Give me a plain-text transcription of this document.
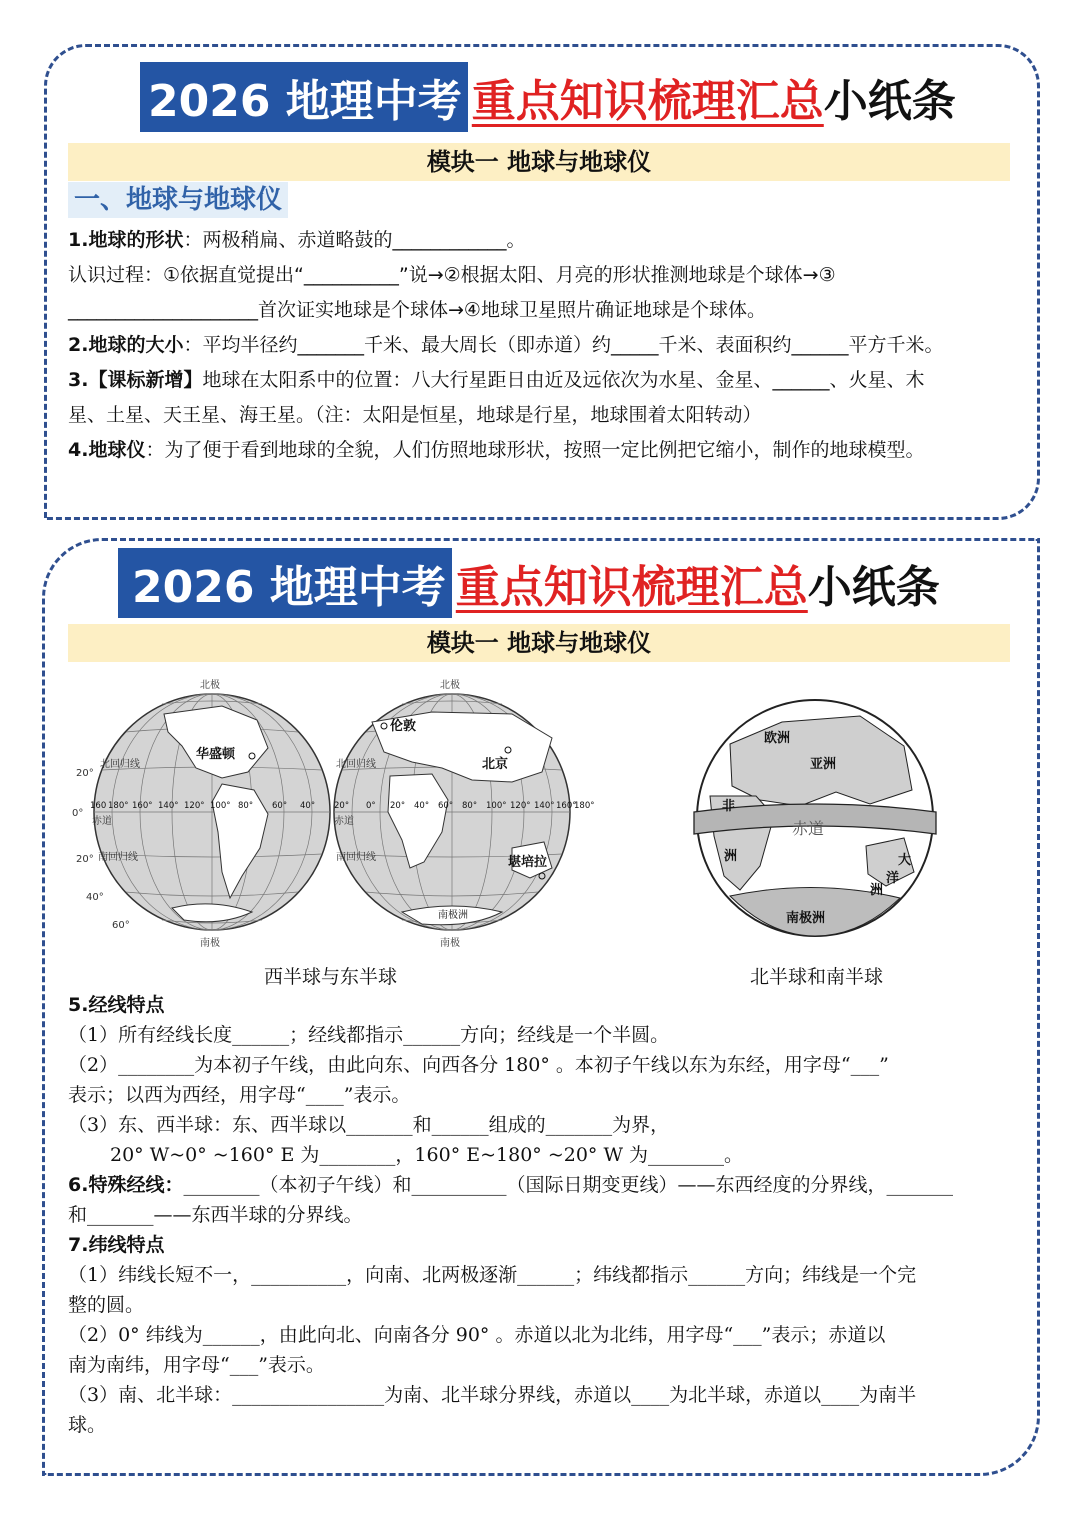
2026 地理中考 重点知识梳理汇总 小纸条
模块一 地球与地球仪
一、地球与地球仪
1.地球的形状：两极稍扁、赤道略鼓的____________。
认识过程：①依据直觉提出“__________”说→②根据太阳、月亮的形状推测地球是个球体→③
____________________首次证实地球是个球体→④地球卫星照片确证地球是个球体。
2.地球的大小：平均半径约_______千米、最大周长（即赤道）约_____千米、表面积约______平方千米。
3.【课标新增】地球在太阳系中的位置：八大行星距日由近及远依次为水星、金星、______、火星、木
星、土星、天王星、海王星。（注：太阳是恒星，地球是行星，地球围着太阳转动）
4.地球仪：为了便于看到地球的全貌，人们仿照地球形状，按照一定比例把它缩小，制作的地球模型。
2026 地理中考 重点知识梳理汇总 小纸条
模块一 地球与地球仪
北极	北极
南极	南极
北回归线	北回归线
南回归线	南回归线
赤道	赤道
0°
20°
20°
40°
60°
160 180° 160° 140° 120° 100° 80° 60° 40° 20° 0° 20° 40° 60° 80° 100° 120° 140° 160°
180°
华盛顿
伦敦
北京
堪培拉
南极洲
欧洲
亚洲
非
洲	大
洋
洲
南极洲
赤道
西半球与东半球	北半球和南半球
5.经线特点
（1）所有经线长度______；经线都指示______方向；经线是一个半圆。
（2）________为本初子午线，由此向东、向西各分 180° 。本初子午线以东为东经，用字母“___”
表示；以西为西经，用字母“____”表示。
（3）东、西半球：东、西半球以_______和______组成的_______为界，
20° W~0° ~160° E 为________，160° E~180° ~20° W 为________。
6.特殊经线：________（本初子午线）和__________（国际日期变更线）——东西经度的分界线，_______
和_______——东西半球的分界线。
7.纬线特点
（1）纬线长短不一，__________，向南、北两极逐渐______；纬线都指示______方向；纬线是一个完
整的圆。
（2）0° 纬线为______，由此向北、向南各分 90° 。赤道以北为北纬，用字母“___”表示；赤道以
南为南纬，用字母“___”表示。
（3）南、北半球：________________为南、北半球分界线，赤道以____为北半球，赤道以____为南半
球。
